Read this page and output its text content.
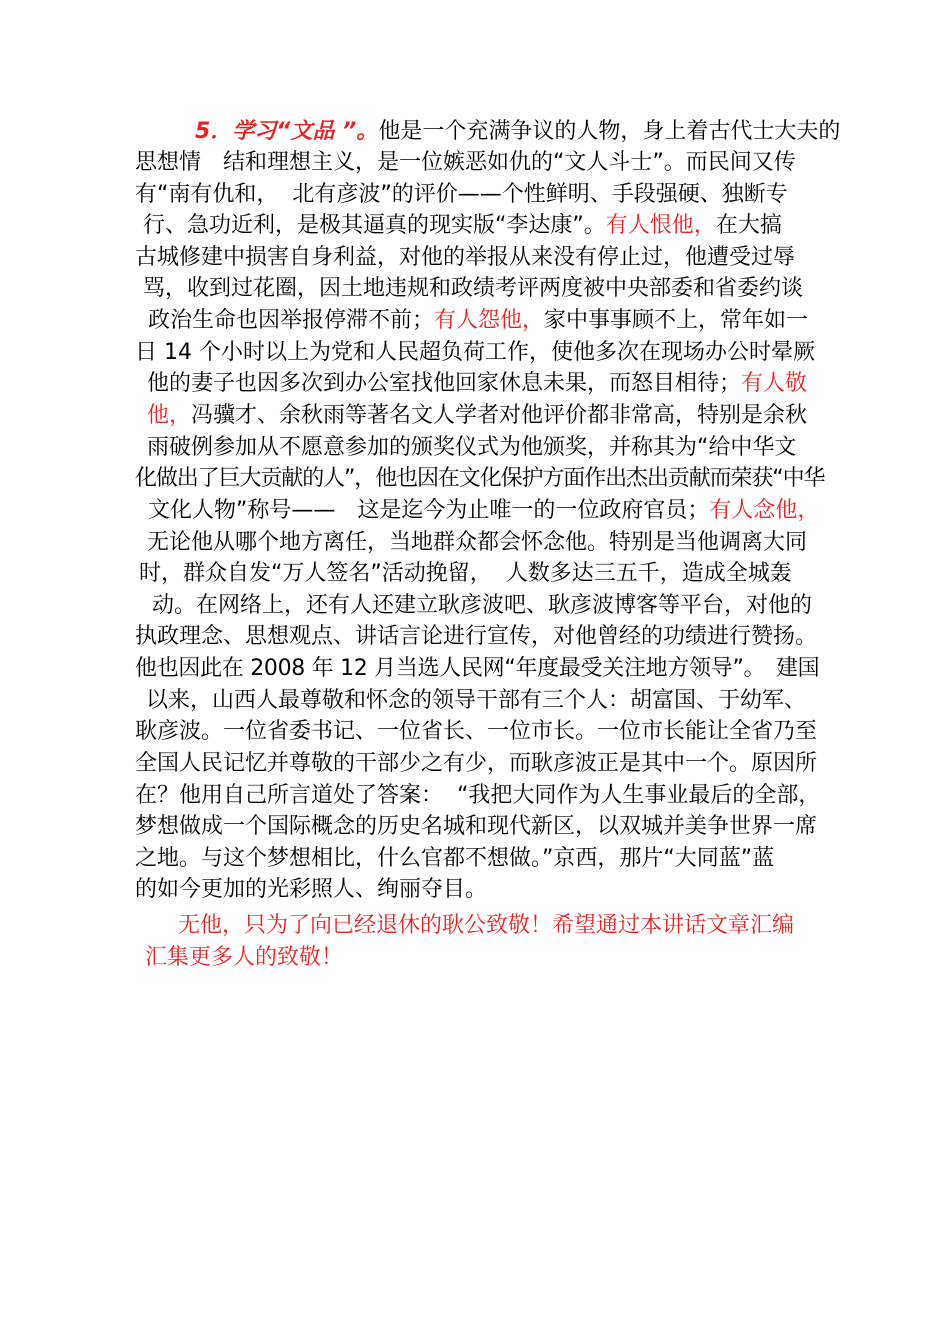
5．学习“文品 ”。他是一个充满争议的人物，身上着古代士大夫的
思想情　结和理想主义，是一位嫉恶如仇的“文人斗士”。而民间又传
有“南有仇和，  北有彦波”的评价——个性鲜明、手段强硬、独断专
行、急功近利，是极其逼真的现实版“李达康”。有人恨他，在大搞
古城修建中损害自身利益，对他的举报从来没有停止过，他遭受过辱
骂，收到过花圈，因土地违规和政绩考评两度被中央部委和省委约谈
政治生命也因举报停滞不前；有人怨他，家中事事顾不上，常年如一
日 14 个小时以上为党和人民超负荷工作，使他多次在现场办公时晕厥
他的妻子也因多次到办公室找他回家休息未果，而怒目相待；有人敬
他，冯骥才、余秋雨等著名文人学者对他评价都非常高，特别是余秋
雨破例参加从不愿意参加的颁奖仪式为他颁奖，并称其为“给中华文
化做出了巨大贡献的人”，他也因在文化保护方面作出杰出贡献而荣获“中华
文化人物”称号——　这是迄今为止唯一的一位政府官员；有人念他，
无论他从哪个地方离任，当地群众都会怀念他。特别是当他调离大同
时，群众自发“万人签名”活动挽留，  人数多达三五千，造成全城轰
动。在网络上，还有人还建立耿彦波吧、耿彦波博客等平台，对他的
执政理念、思想观点、讲话言论进行宣传，对他曾经的功绩进行赞扬。
他也因此在 2008 年 12 月当选人民网“年度最受关注地方领导”。　建国
以来，山西人最尊敬和怀念的领导干部有三个人：胡富国、于幼军、
耿彦波。一位省委书记、一位省长、一位市长。一位市长能让全省乃至
全国人民记忆并尊敬的干部少之有少，而耿彦波正是其中一个。原因所
在？他用自己所言道处了答案：  “我把大同作为人生事业最后的全部，
梦想做成一个国际概念的历史名城和现代新区，以双城并美争世界一席
之地。与这个梦想相比，什么官都不想做。”京西，那片“大同蓝”蓝
的如今更加的光彩照人、绚丽夺目。
无他，只为了向已经退休的耿公致敬！希望通过本讲话文章汇编
汇集更多人的致敬！
